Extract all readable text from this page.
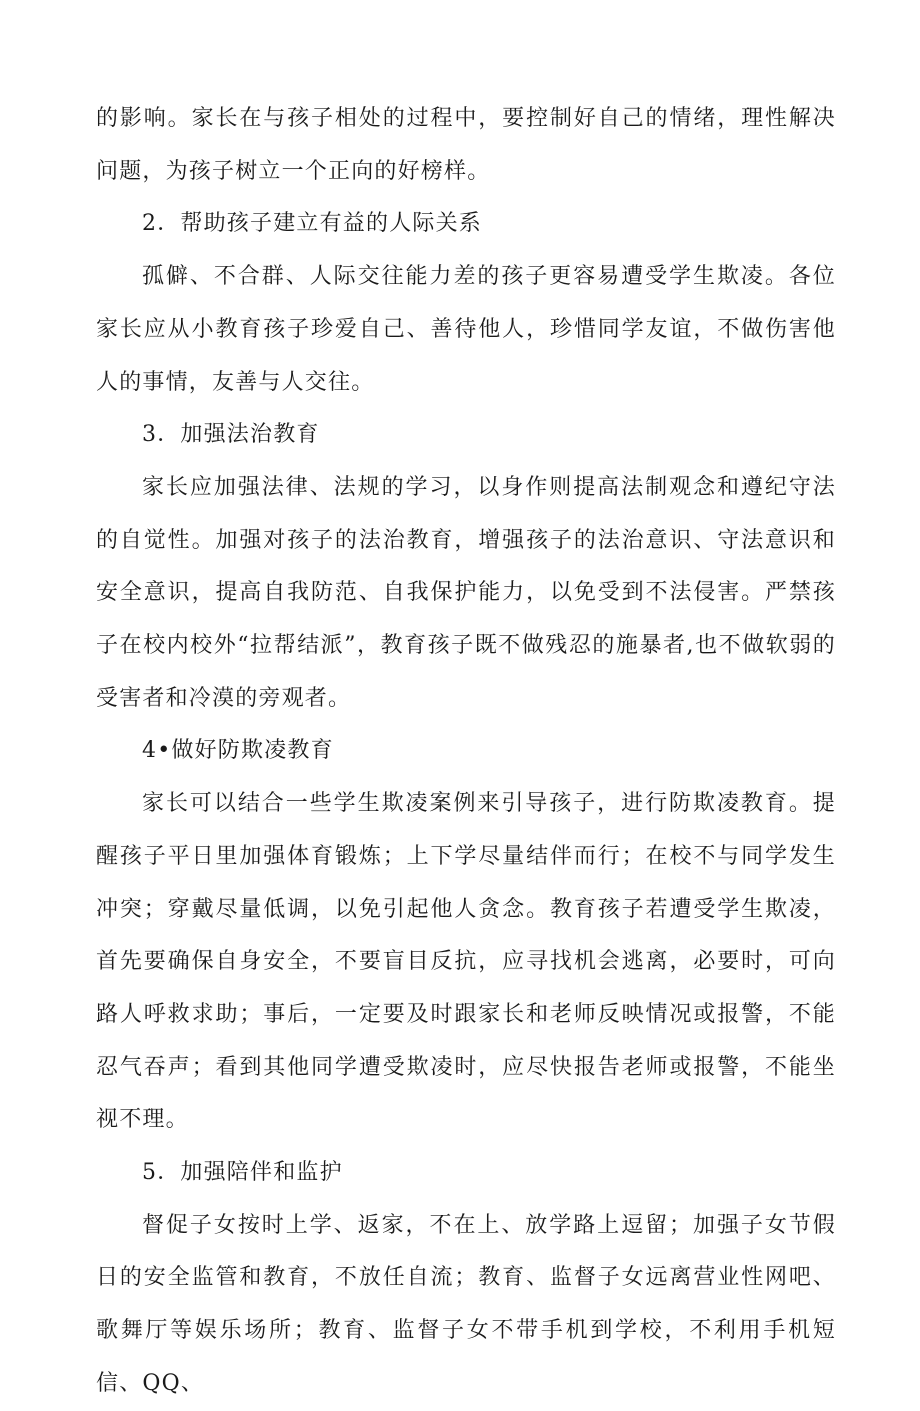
的影响。家长在与孩子相处的过程中，要控制好自己的情绪，理性解决问题，为孩子树立一个正向的好榜样。

2．帮助孩子建立有益的人际关系

孤僻、不合群、人际交往能力差的孩子更容易遭受学生欺凌。各位家长应从小教育孩子珍爱自己、善待他人，珍惜同学友谊，不做伤害他人的事情，友善与人交往。

3．加强法治教育

家长应加强法律、法规的学习，以身作则提高法制观念和遵纪守法的自觉性。加强对孩子的法治教育，增强孩子的法治意识、守法意识和安全意识，提高自我防范、自我保护能力，以免受到不法侵害。严禁孩子在校内校外“拉帮结派”，教育孩子既不做残忍的施暴者,也不做软弱的受害者和冷漠的旁观者。

4•做好防欺凌教育

家长可以结合一些学生欺凌案例来引导孩子，进行防欺凌教育。提醒孩子平日里加强体育锻炼；上下学尽量结伴而行；在校不与同学发生冲突；穿戴尽量低调，以免引起他人贪念。教育孩子若遭受学生欺凌，首先要确保自身安全，不要盲目反抗，应寻找机会逃离，必要时，可向路人呼救求助；事后，一定要及时跟家长和老师反映情况或报警，不能忍气吞声；看到其他同学遭受欺凌时，应尽快报告老师或报警，不能坐视不理。

5．加强陪伴和监护

督促子女按时上学、返家，不在上、放学路上逗留；加强子女节假日的安全监管和教育，不放任自流；教育、监督子女远离营业性网吧、歌舞厅等娱乐场所；教育、监督子女不带手机到学校，不利用手机短信、QQ、
